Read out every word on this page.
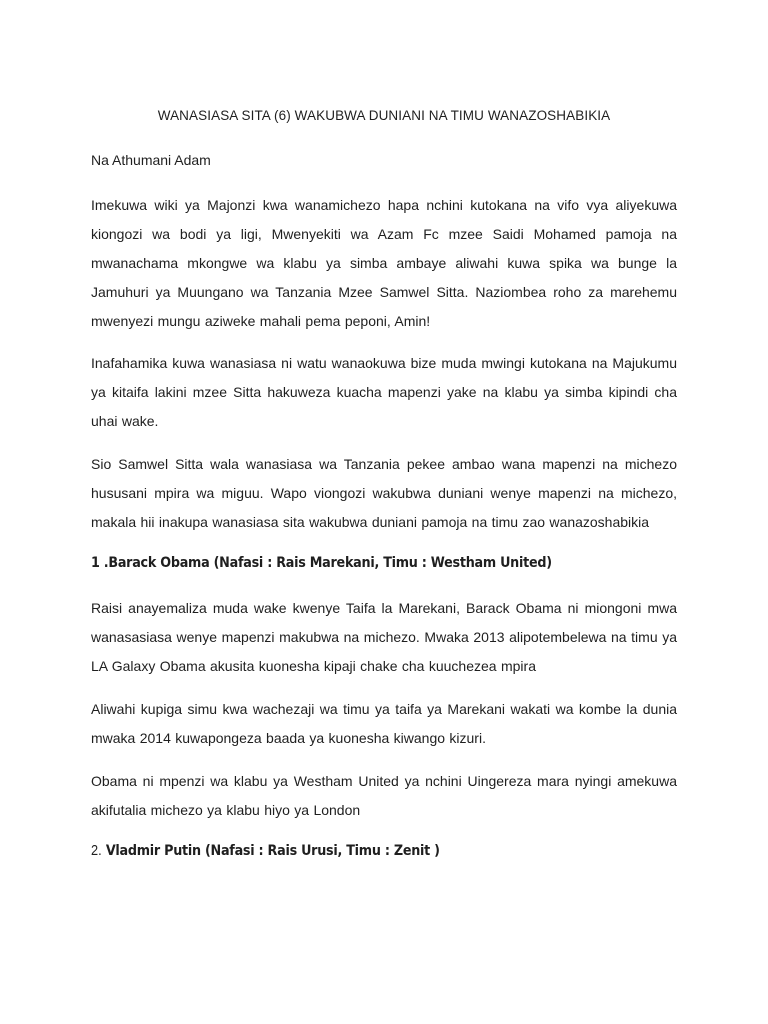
WANASIASA SITA (6) WAKUBWA DUNIANI NA TIMU WANAZOSHABIKIA
Na Athumani Adam

Imekuwa wiki ya Majonzi kwa wanamichezo hapa nchini kutokana na vifo vya aliyekuwa kiongozi wa bodi ya ligi, Mwenyekiti wa Azam Fc mzee Saidi Mohamed pamoja na mwanachama mkongwe wa klabu ya simba ambaye aliwahi kuwa spika wa bunge la Jamuhuri ya Muungano wa Tanzania Mzee Samwel Sitta. Naziombea roho za marehemu mwenyezi mungu aziweke mahali pema peponi, Amin!

Inafahamika kuwa wanasiasa ni watu wanaokuwa bize muda mwingi kutokana na Majukumu ya kitaifa lakini mzee Sitta hakuweza kuacha mapenzi yake na klabu ya simba kipindi cha uhai wake.

Sio Samwel Sitta wala wanasiasa wa Tanzania pekee ambao wana mapenzi na michezo hususani mpira wa miguu. Wapo viongozi wakubwa duniani wenye mapenzi na michezo, makala hii inakupa wanasiasa sita wakubwa duniani pamoja na timu zao wanazoshabikia

1 .Barack Obama (Nafasi : Rais Marekani, Timu : Westham United)

Raisi anayemaliza muda wake kwenye Taifa la Marekani, Barack Obama ni miongoni mwa wanasasiasa wenye mapenzi makubwa na michezo. Mwaka 2013 alipotembelewa na timu ya LA Galaxy Obama akusita kuonesha kipaji chake cha kuuchezea mpira

Aliwahi kupiga simu kwa wachezaji wa timu ya taifa ya Marekani wakati wa kombe la dunia mwaka 2014 kuwapongeza baada ya kuonesha kiwango kizuri.

Obama ni mpenzi wa klabu ya Westham United ya nchini Uingereza mara nyingi amekuwa akifutalia michezo ya klabu hiyo ya London

2. Vladmir Putin (Nafasi : Rais Urusi, Timu : Zenit )
